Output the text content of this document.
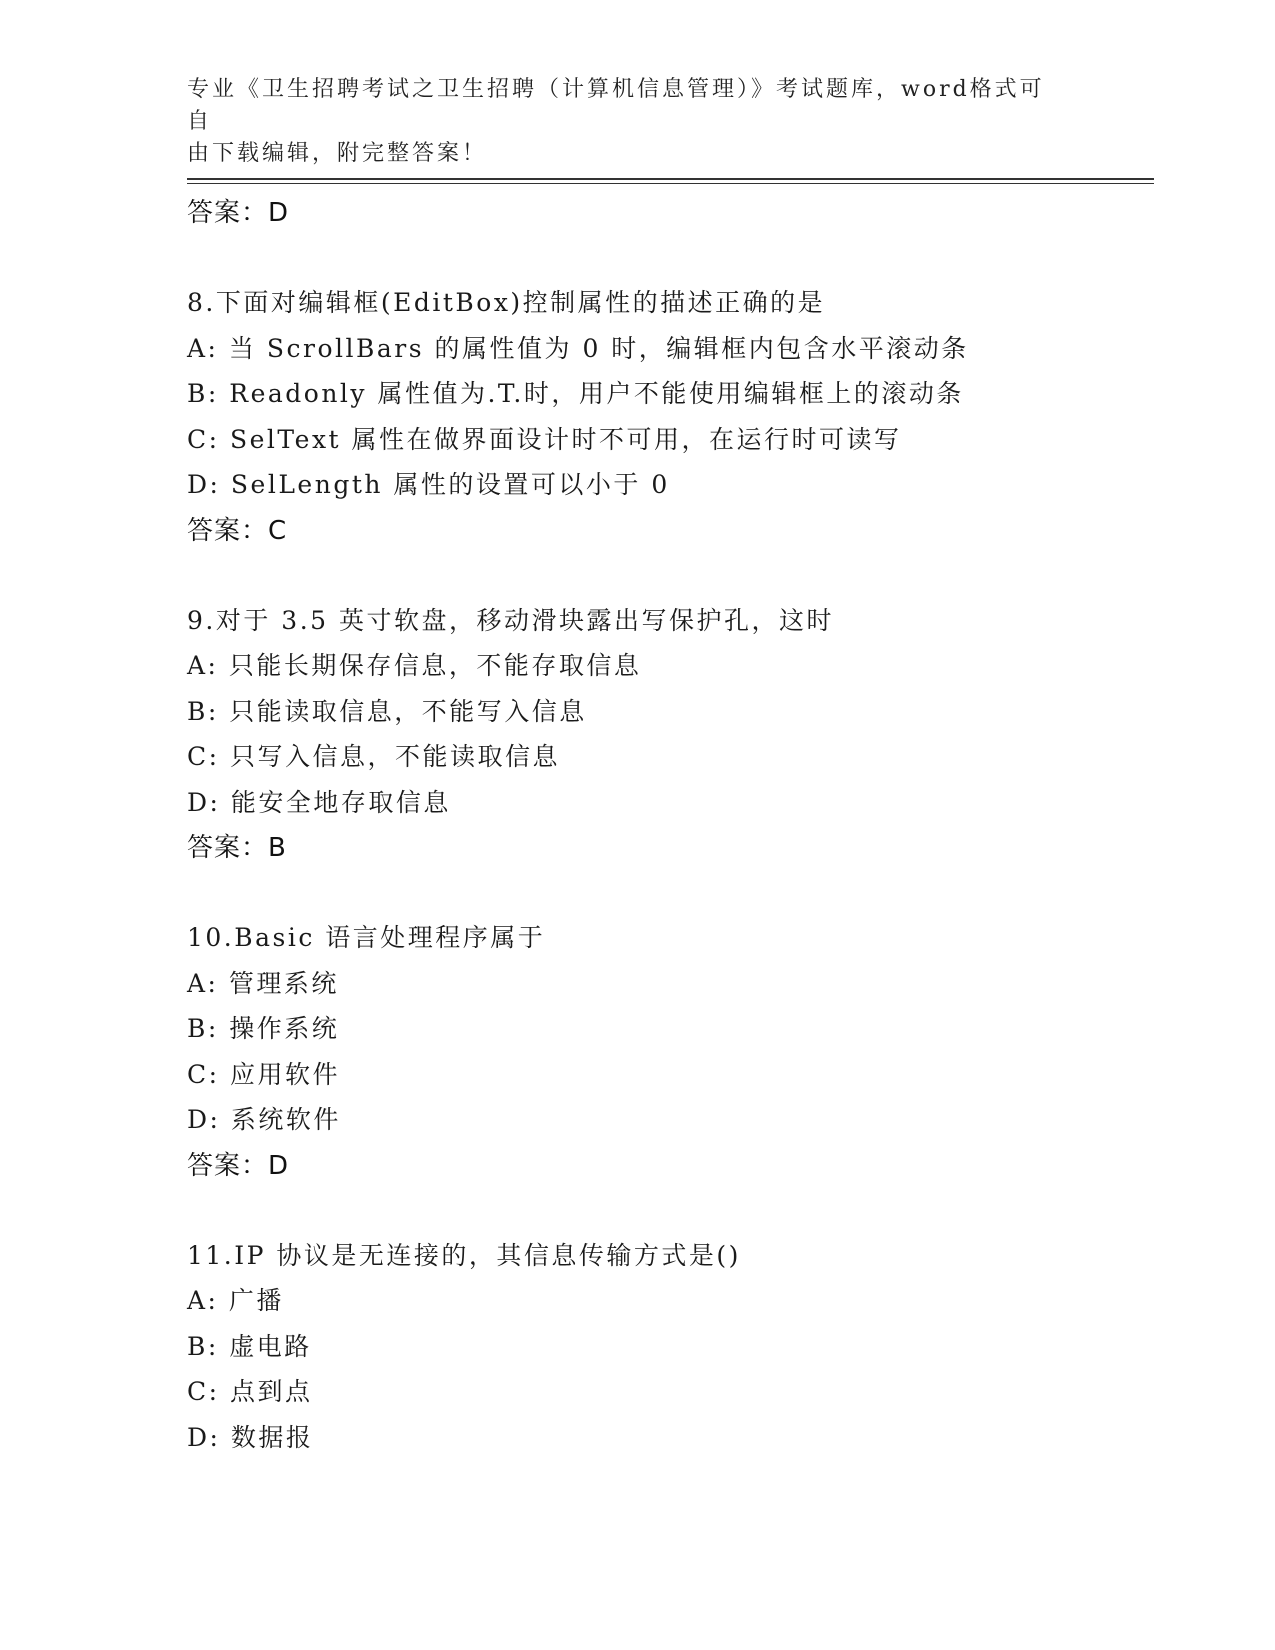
专业《卫生招聘考试之卫生招聘（计算机信息管理）》考试题库，word格式可自
由下载编辑，附完整答案！
答案：D
8.下面对编辑框(EditBox)控制属性的描述正确的是
A: 当 ScrollBars 的属性值为 0 时，编辑框内包含水平滚动条
B: Readonly 属性值为.T.时，用户不能使用编辑框上的滚动条
C: SelText 属性在做界面设计时不可用，在运行时可读写
D: SelLength 属性的设置可以小于 0
答案：C
9.对于 3.5 英寸软盘，移动滑块露出写保护孔，这时
A: 只能长期保存信息，不能存取信息
B: 只能读取信息，不能写入信息
C: 只写入信息，不能读取信息
D: 能安全地存取信息
答案：B
10.Basic 语言处理程序属于
A: 管理系统
B: 操作系统
C: 应用软件
D: 系统软件
答案：D
11.IP 协议是无连接的，其信息传输方式是()
A: 广播
B: 虚电路
C: 点到点
D: 数据报
